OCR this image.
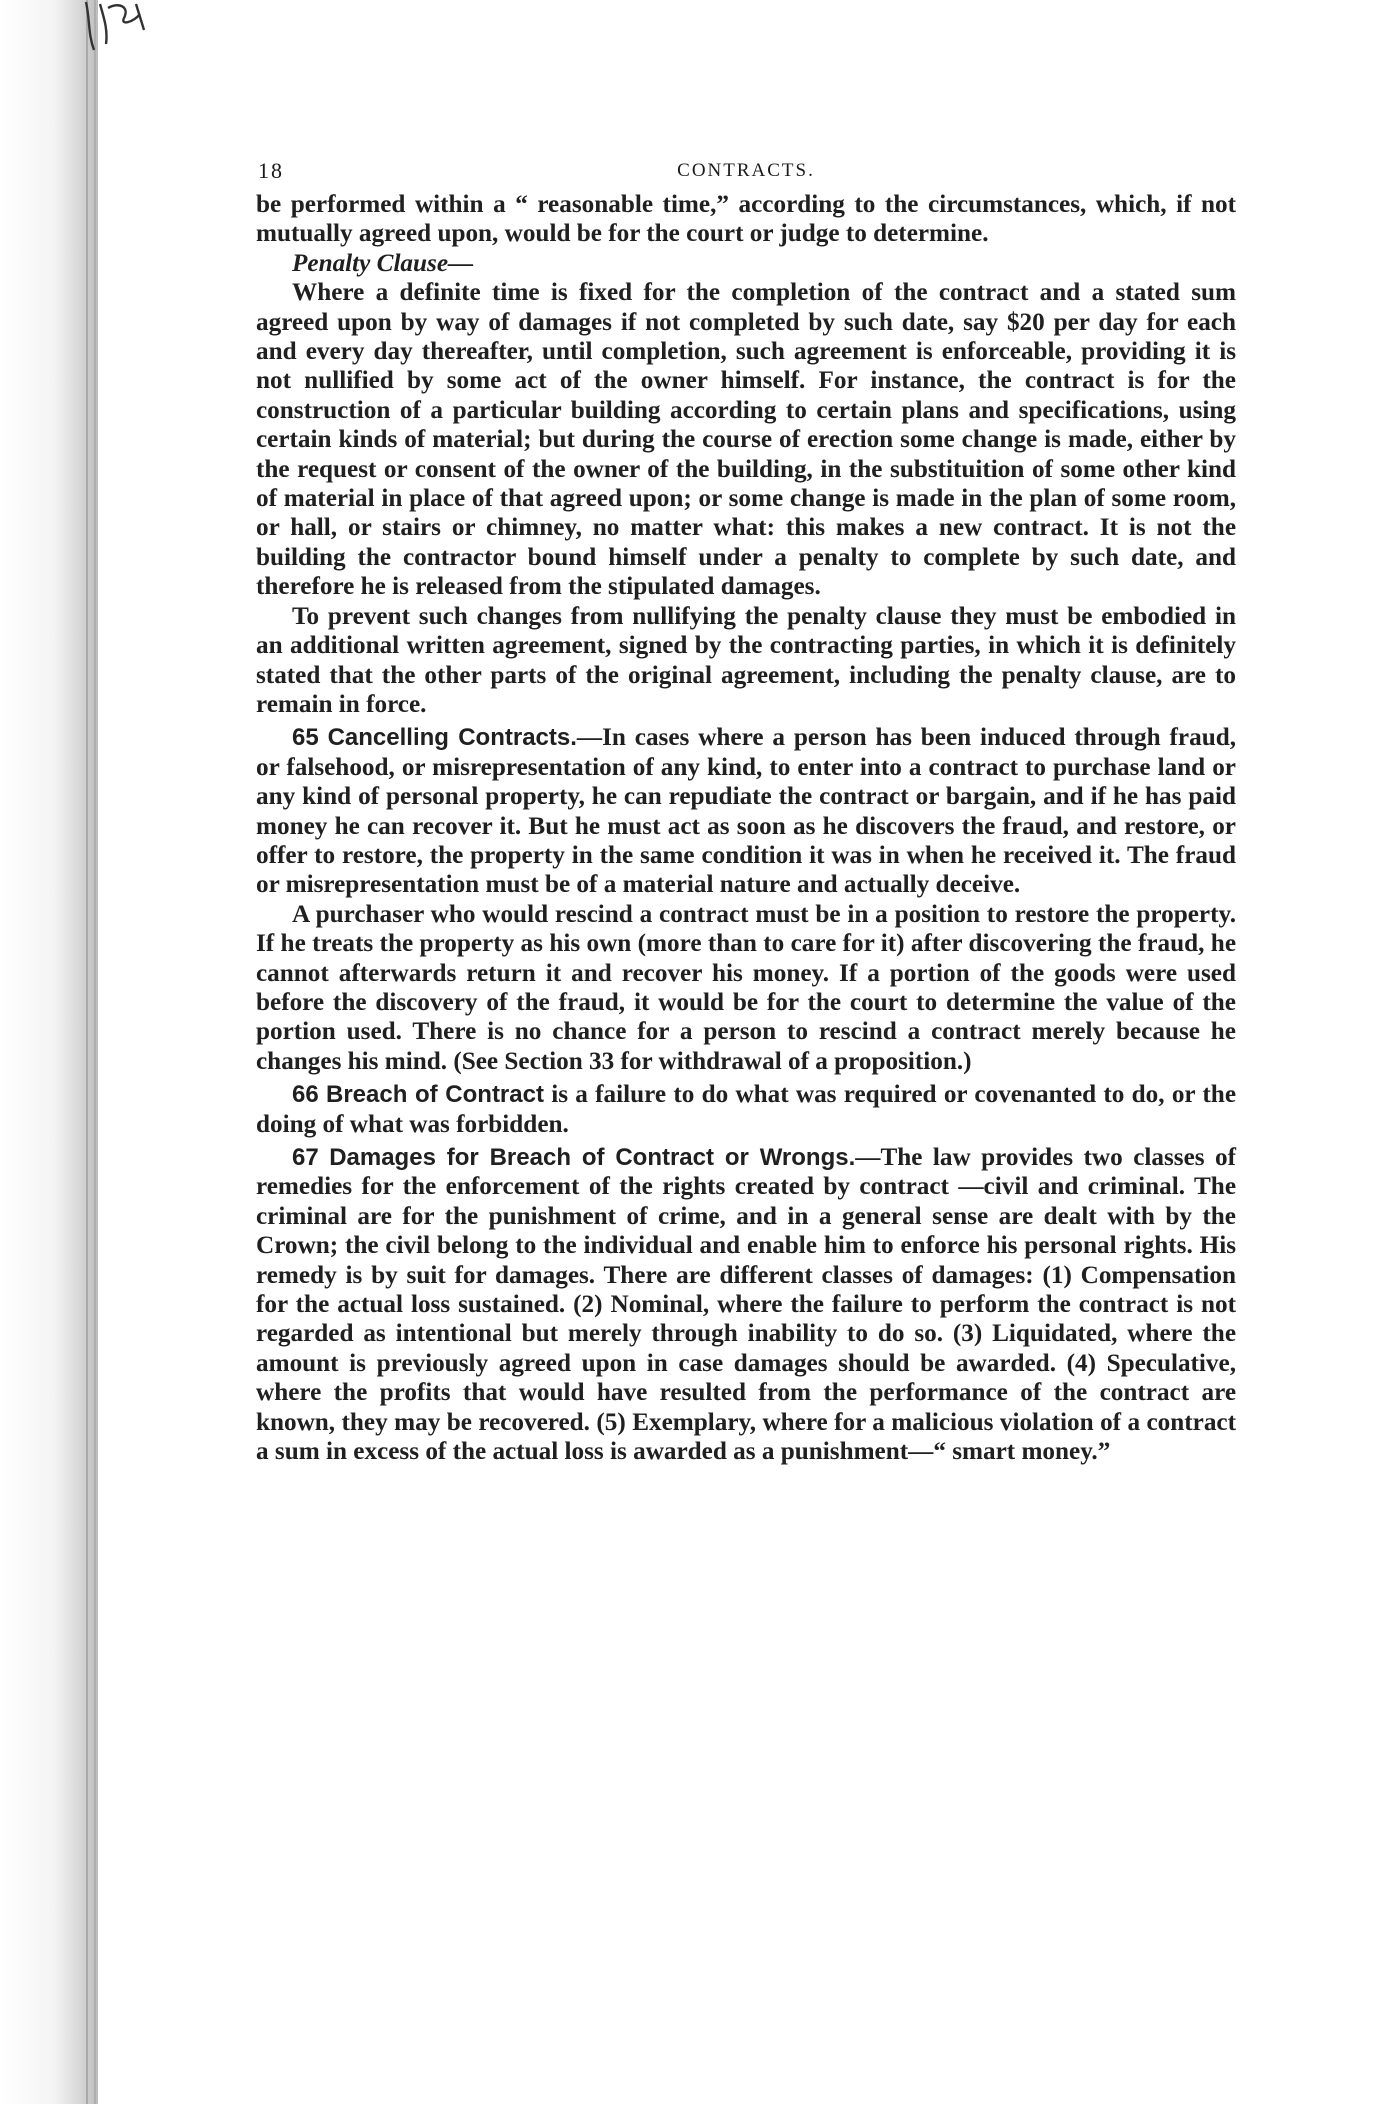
18	CONTRACTS.

be performed within a “ reasonable time,” according to the circumstances, which, if not mutually agreed upon, would be for the court or judge to determine.

Penalty Clause—

Where a definite time is fixed for the completion of the contract and a stated sum agreed upon by way of damages if not completed by such date, say $20 per day for each and every day thereafter, until completion, such agreement is enforceable, providing it is not nullified by some act of the owner himself. For instance, the contract is for the construction of a particular building according to certain plans and specifications, using certain kinds of material; but during the course of erection some change is made, either by the request or consent of the owner of the building, in the substituition of some other kind of material in place of that agreed upon; or some change is made in the plan of some room, or hall, or stairs or chimney, no matter what: this makes a new contract. It is not the building the contractor bound himself under a penalty to complete by such date, and therefore he is released from the stipulated damages.

To prevent such changes from nullifying the penalty clause they must be embodied in an additional written agreement, signed by the contracting parties, in which it is definitely stated that the other parts of the original agreement, including the penalty clause, are to remain in force.

65 Cancelling Contracts.—In cases where a person has been induced through fraud, or falsehood, or misrepresentation of any kind, to enter into a contract to purchase land or any kind of personal property, he can repudiate the contract or bargain, and if he has paid money he can recover it. But he must act as soon as he discovers the fraud, and restore, or offer to restore, the property in the same condition it was in when he received it. The fraud or misrepresentation must be of a material nature and actually deceive.

A purchaser who would rescind a contract must be in a position to restore the property. If he treats the property as his own (more than to care for it) after discovering the fraud, he cannot afterwards return it and recover his money. If a portion of the goods were used before the discovery of the fraud, it would be for the court to determine the value of the portion used. There is no chance for a person to rescind a contract merely because he changes his mind. (See Section 33 for withdrawal of a proposition.)

66 Breach of Contract is a failure to do what was required or covenanted to do, or the doing of what was forbidden.

67 Damages for Breach of Contract or Wrongs.—The law provides two classes of remedies for the enforcement of the rights created by contract —civil and criminal. The criminal are for the punishment of crime, and in a general sense are dealt with by the Crown; the civil belong to the individual and enable him to enforce his personal rights. His remedy is by suit for damages. There are different classes of damages: (1) Compensation for the actual loss sustained. (2) Nominal, where the failure to perform the contract is not regarded as intentional but merely through inability to do so. (3) Liquidated, where the amount is previously agreed upon in case damages should be awarded. (4) Speculative, where the profits that would have resulted from the performance of the contract are known, they may be recovered. (5) Exemplary, where for a malicious violation of a contract a sum in excess of the actual loss is awarded as a punishment—“ smart money.”
